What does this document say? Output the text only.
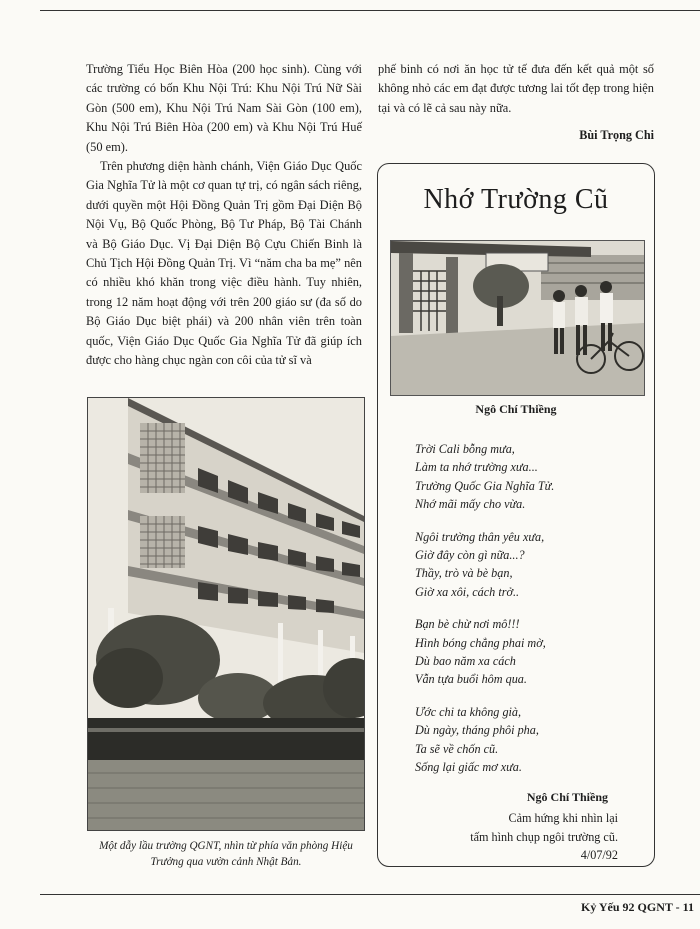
Trường Tiểu Học Biên Hòa (200 học sinh). Cùng với các trường có bốn Khu Nội Trú: Khu Nội Trú Nữ Sài Gòn (500 em), Khu Nội Trú Nam Sài Gòn (100 em), Khu Nội Trú Biên Hòa (200 em) và Khu Nội Trú Huế (50 em).

Trên phương diện hành chánh, Viện Giáo Dục Quốc Gia Nghĩa Tử là một cơ quan tự trị, có ngân sách riêng, dưới quyền một Hội Đồng Quản Trị gồm Đại Diện Bộ Nội Vụ, Bộ Quốc Phòng, Bộ Tư Pháp, Bộ Tài Chánh và Bộ Giáo Dục. Vị Đại Diện Bộ Cựu Chiến Binh là Chủ Tịch Hội Đồng Quản Trị. Vì “năm cha ba mẹ” nên có nhiều khó khăn trong việc điều hành. Tuy nhiên, trong 12 năm hoạt động với trên 200 giáo sư (đa số do Bộ Giáo Dục biệt phái) và 200 nhân viên trên toàn quốc, Viện Giáo Dục Quốc Gia Nghĩa Tử đã giúp ích được cho hàng chục ngàn con côi của tử sĩ và

phế binh có nơi ăn học tử tế đưa đến kết quả một số không nhỏ các em đạt được tương lai tốt đẹp trong hiện tại và có lẽ cả sau này nữa.

Bùi Trọng Chi

Một dẫy lầu trường QGNT, nhìn từ phía văn phòng Hiệu Trưởng qua vườn cảnh Nhật Bản.
Nhớ Trường Cũ
Ngô Chí Thiềng
Trời Cali bỗng mưa,
Làm ta nhớ trường xưa...
Trường Quốc Gia Nghĩa Tử.
Nhớ mãi mấy cho vừa.
Ngôi trường thân yêu xưa,
Giờ đây còn gì nữa...?
Thầy, trò và bè bạn,
Giờ xa xôi, cách trở..
Bạn bè chừ nơi mô!!!
Hình bóng chẳng phai mờ,
Dù bao năm xa cách
Vẫn tựa buổi hôm qua.
Ước chi ta không già,
Dù ngày, tháng phôi pha,
Ta sẽ về chốn cũ.
Sống lại giấc mơ xưa.
Ngô Chí Thiềng
Cảm hứng khi nhìn lại
tấm hình chụp ngôi trường cũ.
4/07/92
Kỷ Yếu 92 QGNT - 11
